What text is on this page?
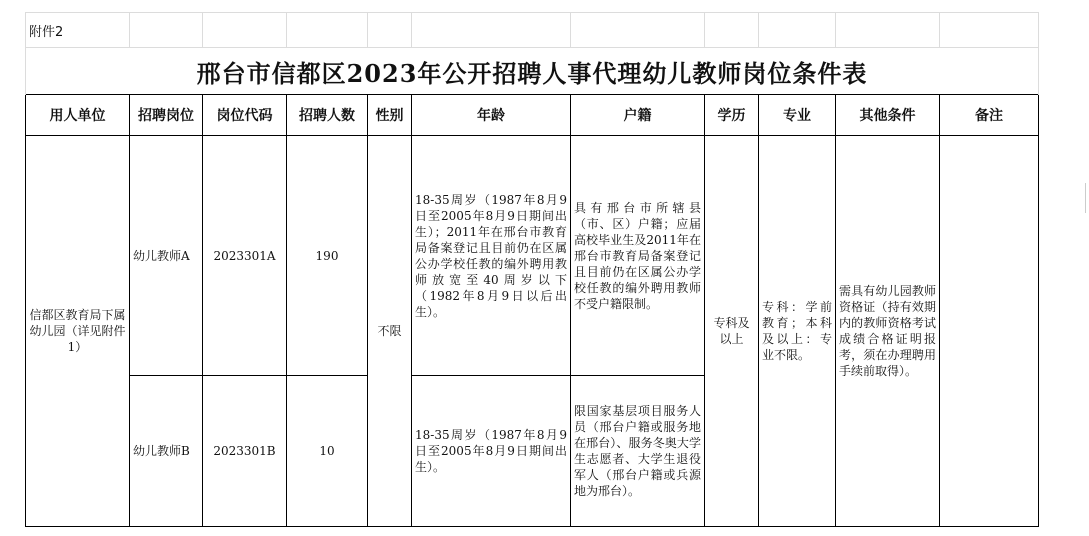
附件2										
邢台市信都区2023年公开招聘人事代理幼儿教师岗位条件表										
用人单位	招聘岗位	岗位代码	招聘人数	性别	年龄	户籍	学历	专业	其他条件	备注
信都区教育局下属幼儿园（详见附件1）	幼儿教师A	2023301A	190	不限	18-35周岁（1987年8月9日至2005年8月9日期间出生）；2011年在邢台市教育局备案登记且目前仍在区属公办学校任教的编外聘用教师放宽至40周岁以下（1982年8月9日以后出生）。	具有邢台市所辖县（市、区）户籍；应届高校毕业生及2011年在邢台市教育局备案登记且目前仍在区属公办学校任教的编外聘用教师不受户籍限制。	专科及以上	专科：学前教育；本科及以上：专业不限。	需具有幼儿园教师资格证（持有效期内的教师资格考试成绩合格证明报考，须在办理聘用手续前取得）。	
	幼儿教师B	2023301B	10		18-35周岁（1987年8月9日至2005年8月9日期间出生）。	限国家基层项目服务人员（邢台户籍或服务地在邢台）、服务冬奥大学生志愿者、大学生退役军人（邢台户籍或兵源地为邢台）。				
